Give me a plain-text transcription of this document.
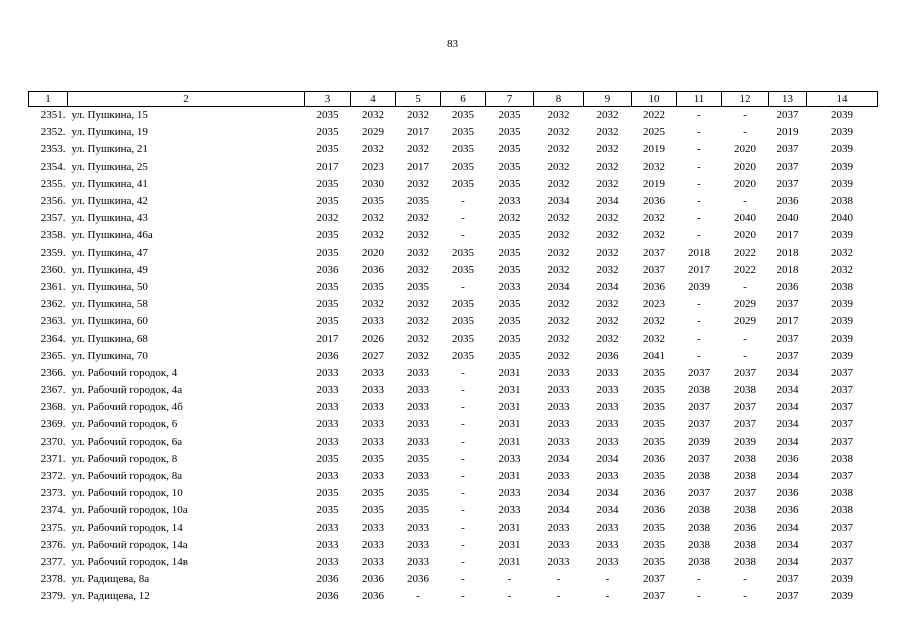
83
1	2	3	4	5	6	7	8	9	10	11	12	13	14
2351.	ул. Пушкина, 15	2035	2032	2032	2035	2035	2032	2032	2022	-	-	2037	2039
2352.	ул. Пушкина, 19	2035	2029	2017	2035	2035	2032	2032	2025	-	-	2019	2039
2353.	ул. Пушкина, 21	2035	2032	2032	2035	2035	2032	2032	2019	-	2020	2037	2039
2354.	ул. Пушкина, 25	2017	2023	2017	2035	2035	2032	2032	2032	-	2020	2037	2039
2355.	ул. Пушкина, 41	2035	2030	2032	2035	2035	2032	2032	2019	-	2020	2037	2039
2356.	ул. Пушкина, 42	2035	2035	2035	-	2033	2034	2034	2036	-	-	2036	2038
2357.	ул. Пушкина, 43	2032	2032	2032	-	2032	2032	2032	2032	-	2040	2040	2040
2358.	ул. Пушкина, 46а	2035	2032	2032	-	2035	2032	2032	2032	-	2020	2017	2039
2359.	ул. Пушкина, 47	2035	2020	2032	2035	2035	2032	2032	2037	2018	2022	2018	2032
2360.	ул. Пушкина, 49	2036	2036	2032	2035	2035	2032	2032	2037	2017	2022	2018	2032
2361.	ул. Пушкина, 50	2035	2035	2035	-	2033	2034	2034	2036	2039	-	2036	2038
2362.	ул. Пушкина, 58	2035	2032	2032	2035	2035	2032	2032	2023	-	2029	2037	2039
2363.	ул. Пушкина, 60	2035	2033	2032	2035	2035	2032	2032	2032	-	2029	2017	2039
2364.	ул. Пушкина, 68	2017	2026	2032	2035	2035	2032	2032	2032	-	-	2037	2039
2365.	ул. Пушкина, 70	2036	2027	2032	2035	2035	2032	2036	2041	-	-	2037	2039
2366.	ул. Рабочий городок, 4	2033	2033	2033	-	2031	2033	2033	2035	2037	2037	2034	2037
2367.	ул. Рабочий городок, 4а	2033	2033	2033	-	2031	2033	2033	2035	2038	2038	2034	2037
2368.	ул. Рабочий городок, 4б	2033	2033	2033	-	2031	2033	2033	2035	2037	2037	2034	2037
2369.	ул. Рабочий городок, 6	2033	2033	2033	-	2031	2033	2033	2035	2037	2037	2034	2037
2370.	ул. Рабочий городок, 6а	2033	2033	2033	-	2031	2033	2033	2035	2039	2039	2034	2037
2371.	ул. Рабочий городок, 8	2035	2035	2035	-	2033	2034	2034	2036	2037	2038	2036	2038
2372.	ул. Рабочий городок, 8а	2033	2033	2033	-	2031	2033	2033	2035	2038	2038	2034	2037
2373.	ул. Рабочий городок, 10	2035	2035	2035	-	2033	2034	2034	2036	2037	2037	2036	2038
2374.	ул. Рабочий городок, 10а	2035	2035	2035	-	2033	2034	2034	2036	2038	2038	2036	2038
2375.	ул. Рабочий городок, 14	2033	2033	2033	-	2031	2033	2033	2035	2038	2036	2034	2037
2376.	ул. Рабочий городок, 14а	2033	2033	2033	-	2031	2033	2033	2035	2038	2038	2034	2037
2377.	ул. Рабочий городок, 14в	2033	2033	2033	-	2031	2033	2033	2035	2038	2038	2034	2037
2378.	ул. Радищева, 8а	2036	2036	2036	-	-	-	-	2037	-	-	2037	2039
2379.	ул. Радищева, 12	2036	2036	-	-	-	-	-	2037	-	-	2037	2039
